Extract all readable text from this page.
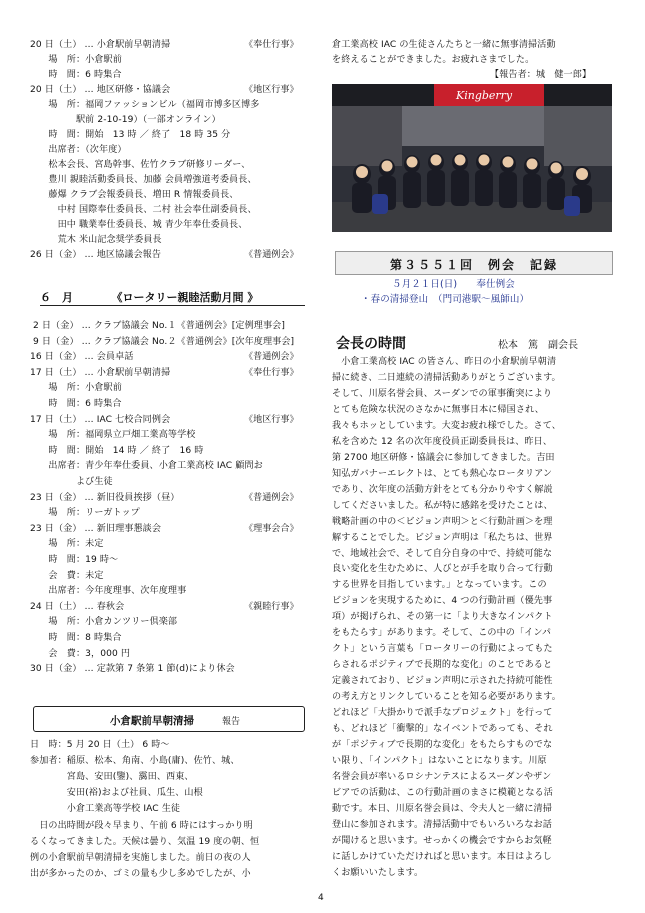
20 日（土） … 小倉駅前早朝清掃	《奉仕行事》
　　場　所：小倉駅前
　　時　間：6 時集合
20 日（土） … 地区研修・協議会	《地区行事》
　　場　所：福岡ファッションビル（福岡市博多区博多
　　　　　駅前 2-10-19）（一部オンライン）
　　時　間：開始　13 時 ／ 終了　18 時 35 分
　　出席者：（次年度）
　　松本会長、宮島幹事、佐竹クラブ研修リーダー、
　　豊川 親睦活動委員長、加藤 会員増強道考委員長、
　　藤爆 クラブ会報委員長、増田 R 情報委員長、
　　　中村 国際奉仕委員長、二村 社会奉仕副委員長、
　　　田中 職業奉仕委員長、城 青少年奉仕委員長、
　　　荒木 米山記念奨学委員長
26 日（金） … 地区協議会報告	《普通例会》
６　月　　　　《ロータリー親睦活動月間 》
2 日（金） … クラブ協議会 No.１《普通例会》[定例理事会]
9 日（金） … クラブ協議会 No.２《普通例会》[次年度理事会]
16 日（金） … 会員卓話	《普通例会》
17 日（土） … 小倉駅前早朝清掃	《奉仕行事》
　　場　所：小倉駅前
　　時　間：6 時集合
17 日（土） … IAC 七校合同例会	《地区行事》
　　場　所：福岡県立戸畑工業高等学校
　　時　間：開始　14 時 ／ 終了　16 時
　　出席者：青少年奉仕委員、小倉工業高校 IAC 顧問お
　　　　　よび生徒
23 日（金） … 新旧役員挨拶（昼）	《普通例会》
　　場　所：リーガトップ
23 日（金） … 新旧理事懇談会	《理事会合》
　　場　所：未定
　　時　間：19 時～
　　会　費：未定
　　出席者：今年度理事、次年度理事
24 日（土） … 春秋会	《親睦行事》
　　場　所：小倉カンツリー倶楽部
　　時　間：8 時集合
　　会　費：3，000 円
30 日（金） … 定款第 7 条第 1 節(d)により休会
小倉駅前早朝清掃	報告
日　時：5 月 20 日（土） 6 時～
参加者：稲原、松本、角南、小島(庸)、佐竹、城、
　　　　宮島、安田(鑒)、靄田、西東、
　　　　安田(裕)および社員、瓜生、山根
　　　　小倉工業高等学校 IAC 生徒
　日の出時間が段々早まり、午前 6 時にはすっかり明
るくなってきました。天候は曇り、気温 19 度の朝、恒
例の小倉駅前早朝清掃を実施しました。前日の夜の人
出が多かったのか、ゴミの量も少し多めでしたが、小
倉工業高校 IAC の生徒さんたちと一緒に無事清掃活動
を終えることができました。お疲れさまでした。
【報告者：城　健一郎】
Kingberry
第３５５１回　例会　記録
５月２１日(日)　　奉仕例会
・春の清掃登山　（門司港駅～風師山）
会長の時間	松本　篤　副会長
　小倉工業高校 IAC の皆さん、昨日の小倉駅前早朝清
掃に続き、二日連続の清掃活動ありがとうございます。
そして、川原名誉会員、スーダンでの軍事衝突により
とても危険な状況のさなかに無事日本に帰国され、
我々もホッとしています。大変お疲れ様でした。さて、
私を含めた 12 名の次年度役員正副委員長は、昨日、
第 2700 地区研修・協議会に参加してきました。吉田
知弘ガバナーエレクトは、とても熱心なロータリアン
であり、次年度の活動方針をとても分かりやすく解説
してくださいました。私が特に感銘を受けたことは、
戦略計画の中の＜ビジョン声明＞と＜行動計画＞を理
解することでした。ビジョン声明は「私たちは、世界
で、地域社会で、そして自分自身の中で、持続可能な
良い変化を生むために、人びとが手を取り合って行動
する世界を目指しています。」となっています。この
ビジョンを実現するために、4 つの行動計画（優先事
項）が掲げられ、その第一に「より大きなインパクト
をもたらす」があります。そして、この中の「インパ
クト」という言葉も「ロータリーの行動によってもた
らされるポジティブで長期的な変化」のことであると
定義されており、ビジョン声明に示された持続可能性
の考え方とリンクしていることを知る必要があります。
どれほど「大掛かりで派手なプロジェクト」を行って
も、どれほど「衝撃的」なイベントであっても、それ
が「ポジティブで長期的な変化」をもたらすものでな
い限り、「インパクト」はないことになります。川原
名誉会員が率いるロシナンテスによるスーダンやザン
ビアでの活動は、この行動計画のまさに模範となる活
動です。本日、川原名誉会員は、令夫人と一緒に清掃
登山に参加されます。清掃活動中でもいろいろなお話
が聞けると思います。せっかくの機会ですからお気軽
に話しかけていただければと思います。本日はよろし
くお願いいたします。
4
